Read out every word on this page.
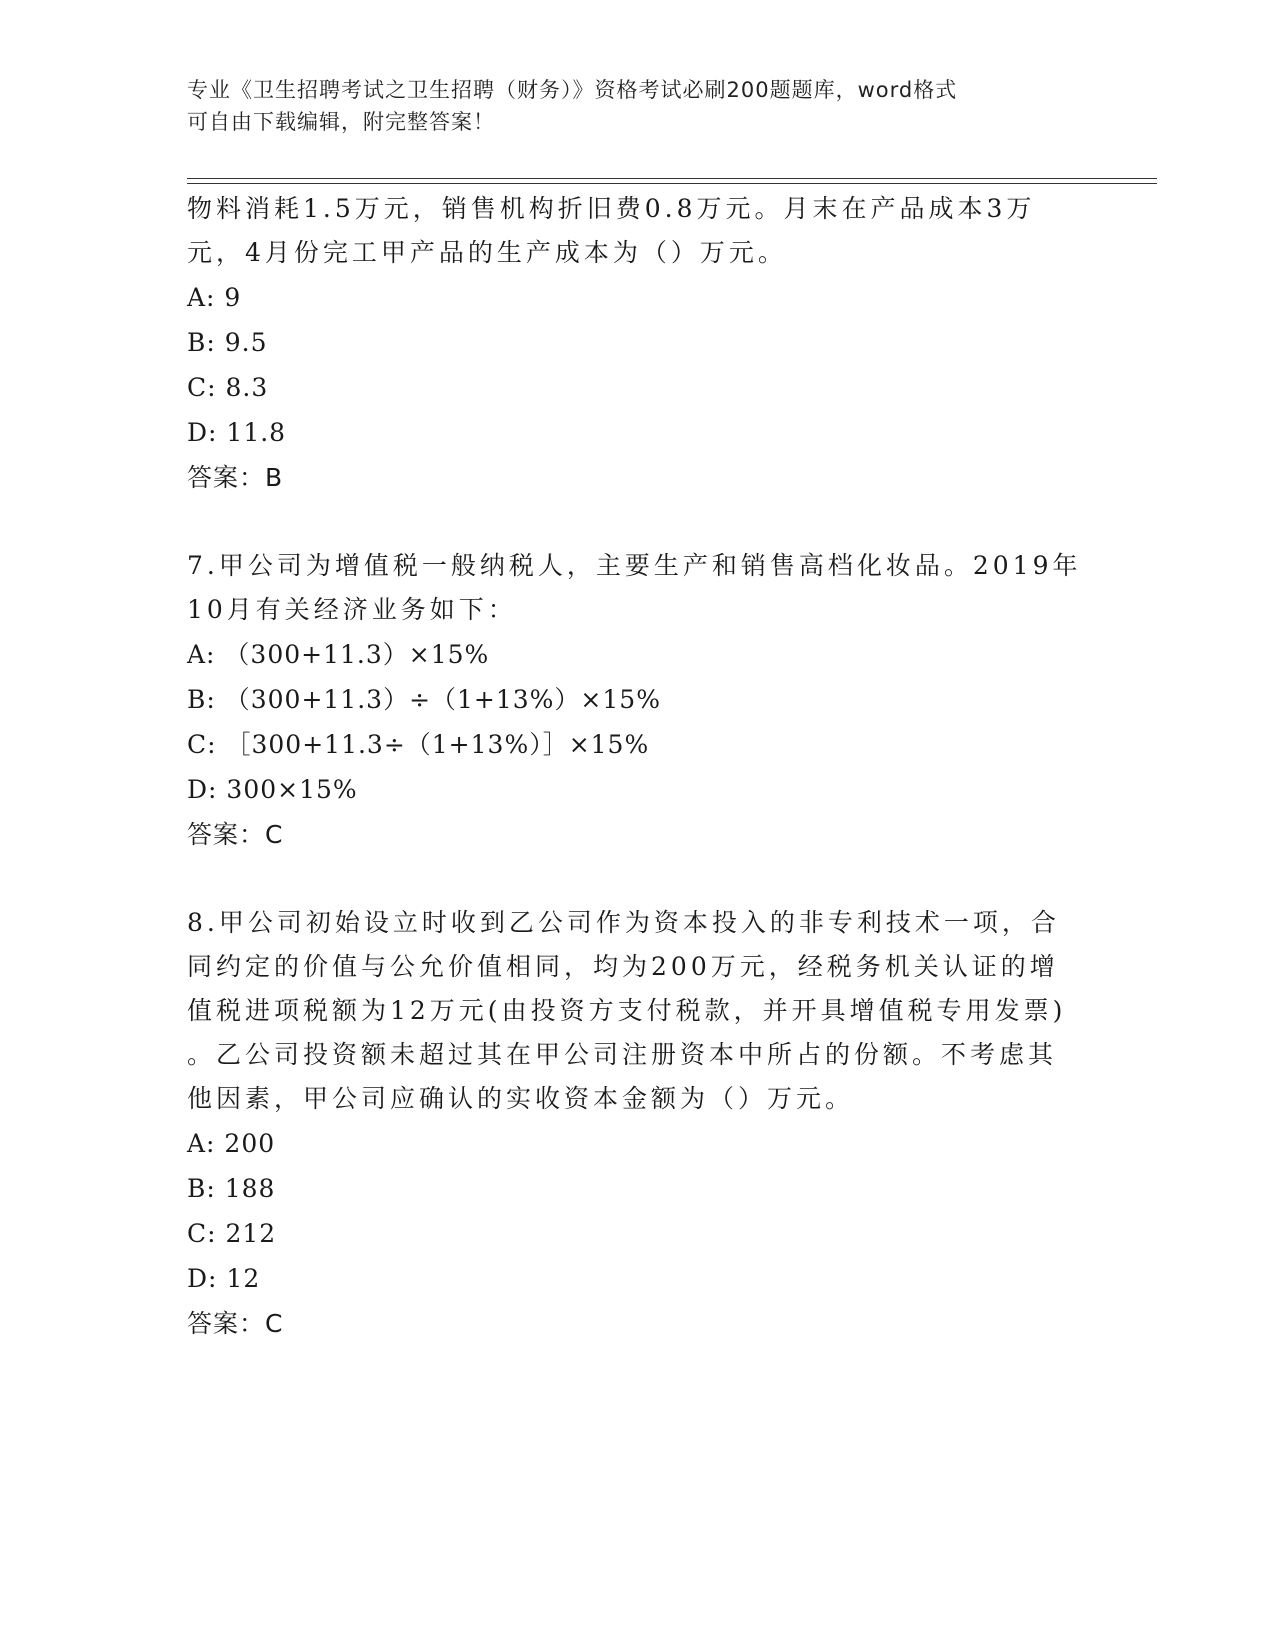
专业《卫生招聘考试之卫生招聘（财务）》资格考试必刷200题题库，word格式
可自由下载编辑，附完整答案！

物料消耗1.5万元，销售机构折旧费0.8万元。月末在产品成本3万

元，4月份完工甲产品的生产成本为（）万元。

A: 9

B: 9.5

C: 8.3

D: 11.8

答案：B

7.甲公司为增值税一般纳税人，主要生产和销售高档化妆品。2019年

10月有关经济业务如下：

A: （300+11.3）×15%

B: （300+11.3）÷（1+13%）×15%

C: ［300+11.3÷（1+13%）］×15%

D: 300×15%

答案：C

8.甲公司初始设立时收到乙公司作为资本投入的非专利技术一项，合

同约定的价值与公允价值相同，均为200万元，经税务机关认证的增

值税进项税额为12万元(由投资方支付税款，并开具增值税专用发票)

。乙公司投资额未超过其在甲公司注册资本中所占的份额。不考虑其

他因素，甲公司应确认的实收资本金额为（）万元。

A: 200

B: 188

C: 212

D: 12

答案：C
